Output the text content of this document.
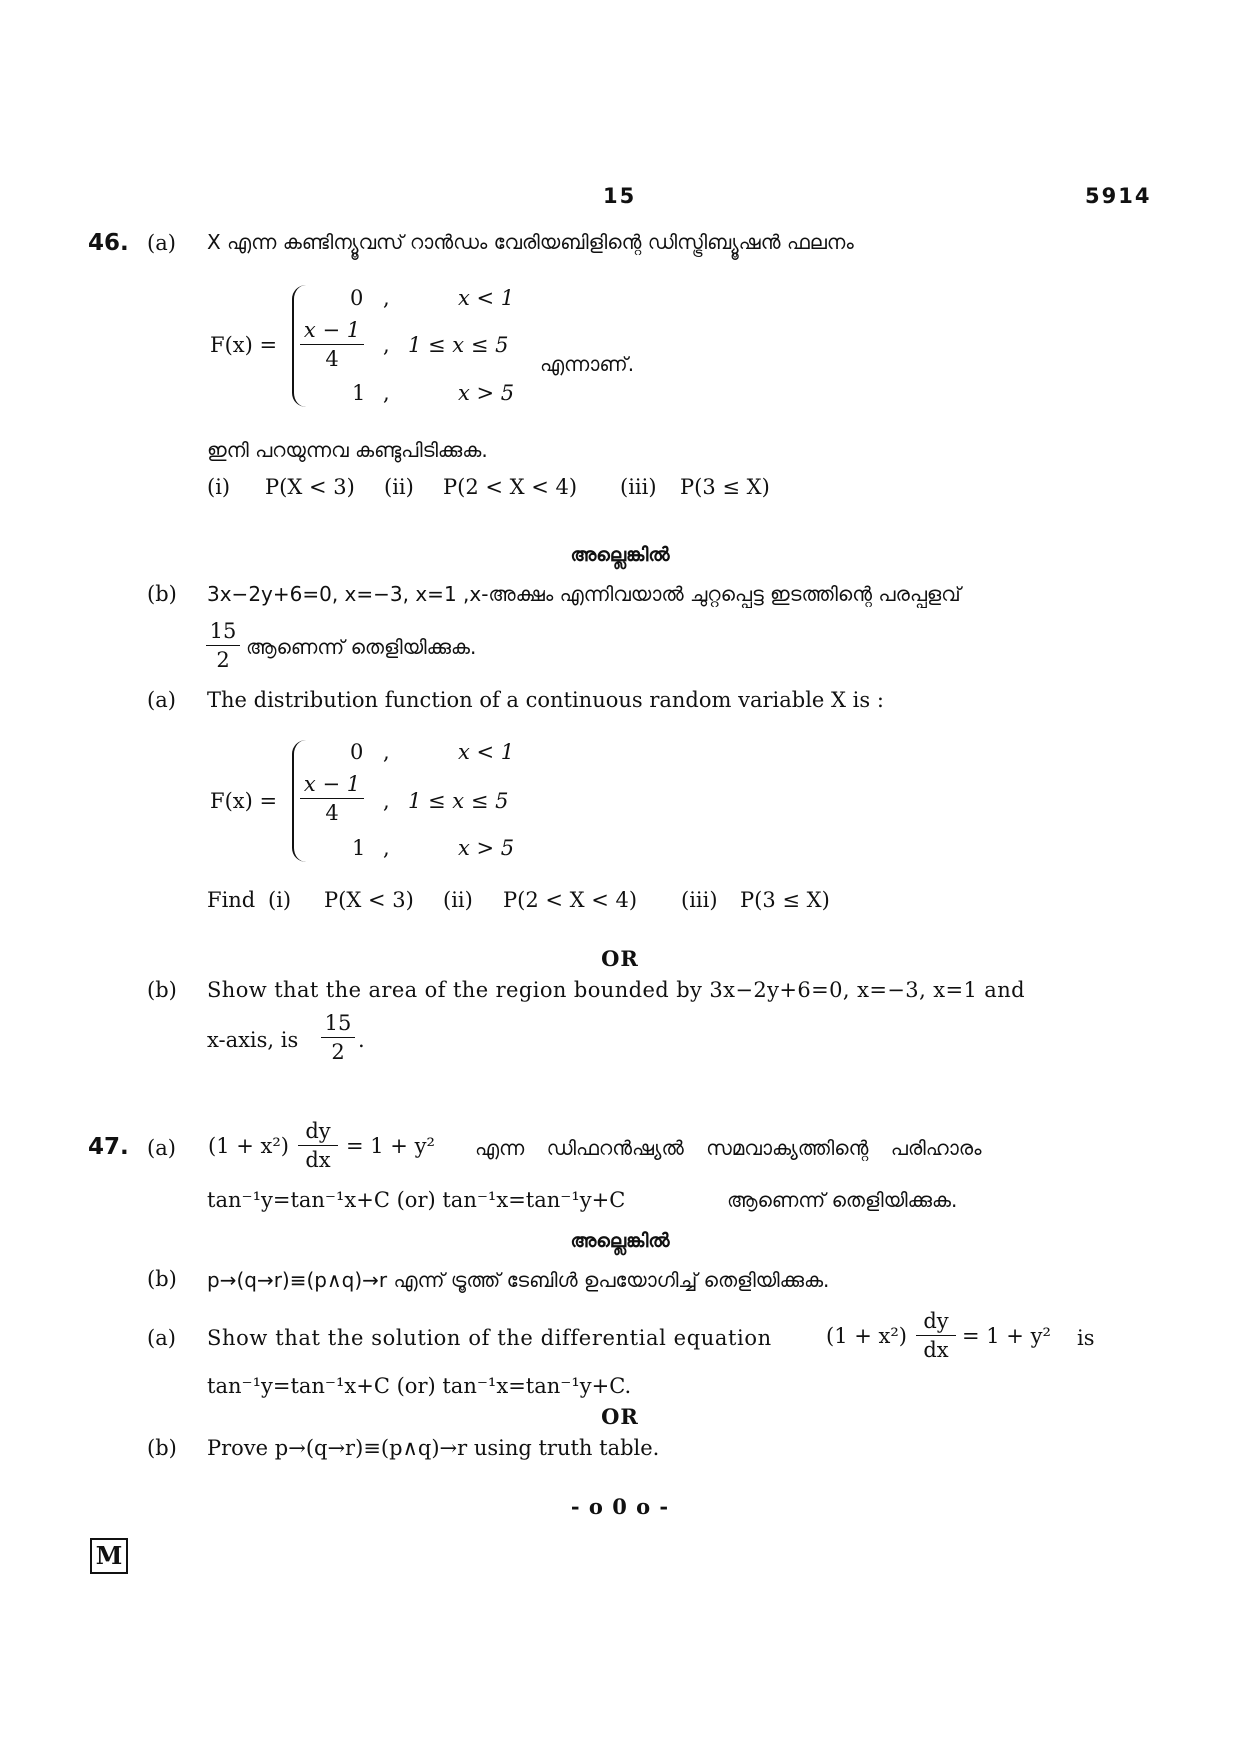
15	5914
46. (a) X എന്ന കണ്ടിന്യൂവസ് റാൻഡം വേരിയബിളിന്റെ ഡിസ്ട്രിബ്യൂഷൻ ഫലനം
F(x) =
0 ,	x < 1
x − 1
4
, 1 ≤ x ≤ 5
1 ,	x > 5
എന്നാണ്.
ഇനി പറയുന്നവ കണ്ടുപിടിക്കുക.
(i) P(X < 3) (ii) P(2 < X < 4) (iii) P(3 ≤ X)
അല്ലെങ്കിൽ
(b) 3x−2y+6=0, x=−3, x=1 ,x-അക്ഷം എന്നിവയാൽ ചുറ്റപ്പെട്ട ഇടത്തിന്റെ പരപ്പളവ്
15
2
ആണെന്ന് തെളിയിക്കുക.
(a) The distribution function of a continuous random variable X is :
F(x) =
0 ,	x < 1
x − 1
4	, 1 ≤ x ≤ 5
1 ,	x > 5
Find (i) P(X < 3) (ii) P(2 < X < 4) (iii) P(3 ≤ X)
OR
(b) Show that the area of the region bounded by 3x−2y+6=0, x=−3, x=1 and
x-axis, is
15
2 .
47. (a) (1 + x²)
dy
dx
= 1 + y² എന്ന ഡിഫറൻഷ്യൽ സമവാക്യത്തിന്റെ പരിഹാരം
tan⁻¹y=tan⁻¹x+C (or) tan⁻¹x=tan⁻¹y+C	ആണെന്ന് തെളിയിക്കുക.
അല്ലെങ്കിൽ
(b) p→(q→r)≡(p∧q)→r എന്ന് ട്രൂത്ത് ടേബിൾ ഉപയോഗിച്ച് തെളിയിക്കുക.
(a) Show that the solution of the differential equation	(1 + x²)
dy
dx
= 1 + y² is
tan⁻¹y=tan⁻¹x+C (or) tan⁻¹x=tan⁻¹y+C.
OR
(b) Prove p→(q→r)≡(p∧q)→r using truth table.
- o 0 o -
M
